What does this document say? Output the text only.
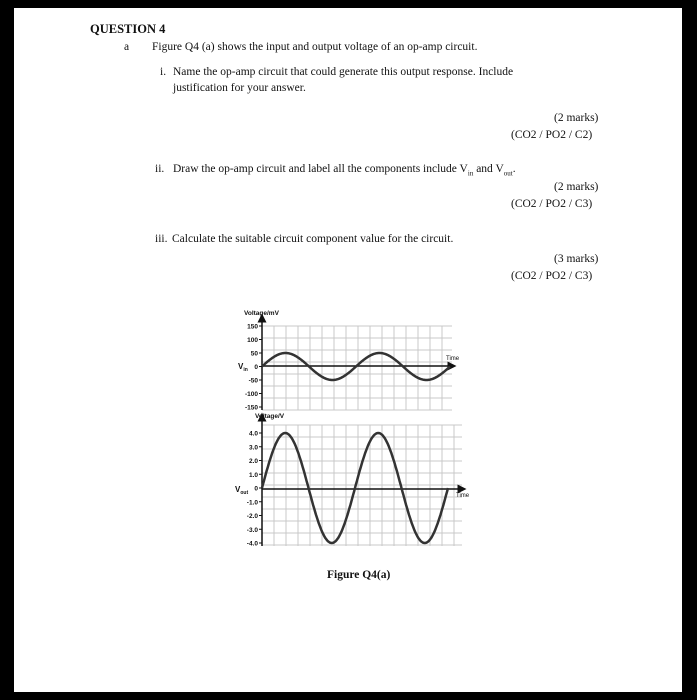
QUESTION 4
a Figure Q4 (a) shows the input and output voltage of an op-amp circuit.
i. Name the op-amp circuit that could generate this output response. Include
justification for your answer.
(2 marks)
(CO2 / PO2 / C2)
ii. Draw the op-amp circuit and label all the components include $V_{in}$ and $V_{out}$.
(2 marks)
(CO2 / PO2 / C3)
iii. Calculate the suitable circuit component value for the circuit.
(3 marks)
(CO2 / PO2 / C3)
Figure Q4(a)
150
100
50
0
-50
-100
-150
Voltage/mV
$V_{in}$
Time
4.0
3.0
2.0
1.0
0
-1.0
-2.0
-3.0
-4.0
Voltage/V
$V_{out}$	Time
